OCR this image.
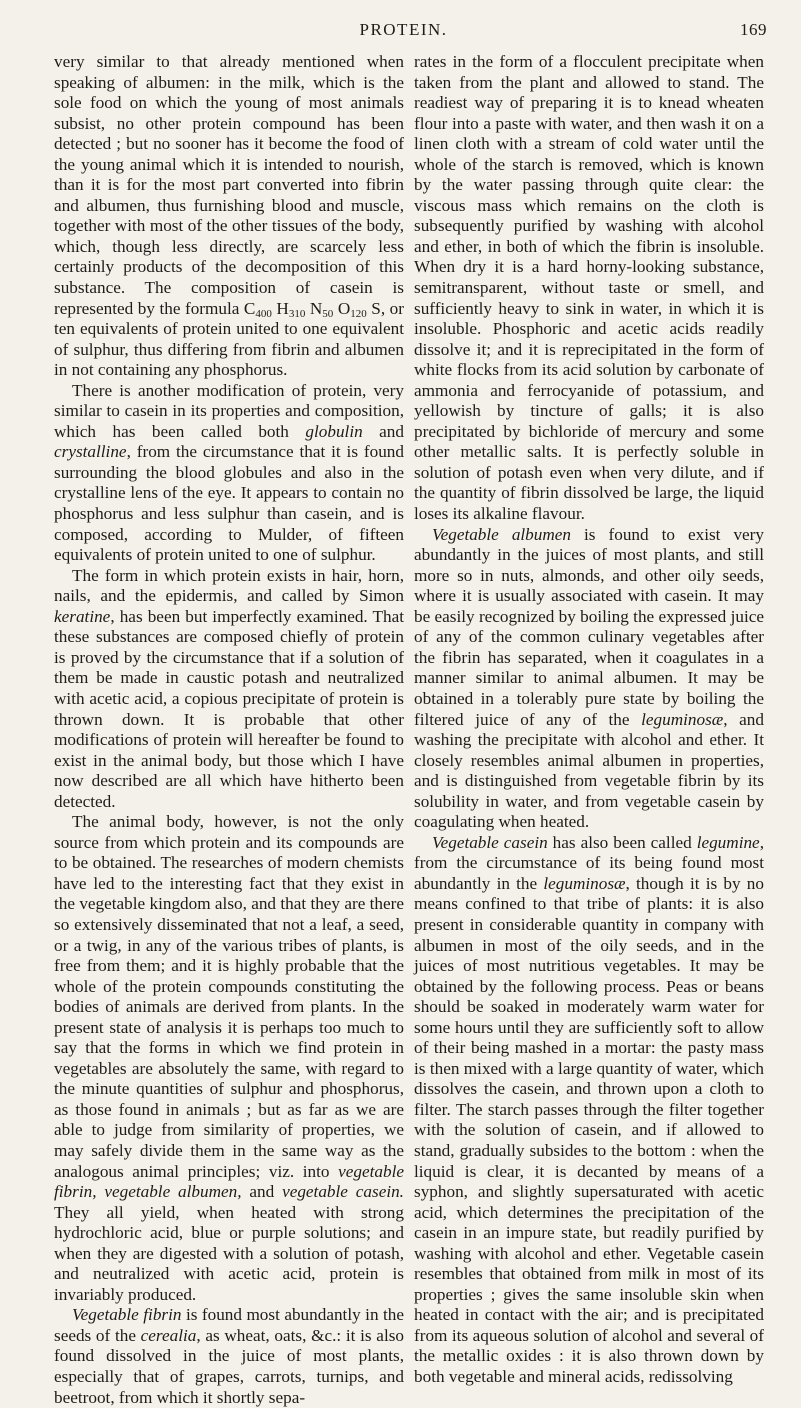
PROTEIN.	169

very similar to that already mentioned when speaking of albumen: in the milk, which is the sole food on which the young of most animals subsist, no other protein compound has been detected ; but no sooner has it become the food of the young animal which it is intended to nourish, than it is for the most part converted into fibrin and albumen, thus furnishing blood and muscle, together with most of the other tissues of the body, which, though less directly, are scarcely less certainly products of the decomposition of this substance. The composition of casein is represented by the formula $C_{400}$ $H_{310}$ $N_{50}$ $O_{120}$ S, or ten equivalents of protein united to one equivalent of sulphur, thus differing from fibrin and albumen in not containing any phosphorus.

There is another modification of protein, very similar to casein in its properties and composition, which has been called both globulin and crystalline, from the circumstance that it is found surrounding the blood globules and also in the crystalline lens of the eye. It appears to contain no phosphorus and less sulphur than casein, and is composed, according to Mulder, of fifteen equivalents of protein united to one of sulphur.

The form in which protein exists in hair, horn, nails, and the epidermis, and called by Simon keratine, has been but imperfectly examined. That these substances are composed chiefly of protein is proved by the circumstance that if a solution of them be made in caustic potash and neutralized with acetic acid, a copious precipitate of protein is thrown down. It is probable that other modifications of protein will hereafter be found to exist in the animal body, but those which I have now described are all which have hitherto been detected.

The animal body, however, is not the only source from which protein and its compounds are to be obtained. The researches of modern chemists have led to the interesting fact that they exist in the vegetable kingdom also, and that they are there so extensively disseminated that not a leaf, a seed, or a twig, in any of the various tribes of plants, is free from them; and it is highly probable that the whole of the protein compounds constituting the bodies of animals are derived from plants. In the present state of analysis it is perhaps too much to say that the forms in which we find protein in vegetables are absolutely the same, with regard to the minute quantities of sulphur and phosphorus, as those found in animals ; but as far as we are able to judge from similarity of properties, we may safely divide them in the same way as the analogous animal principles; viz. into vegetable fibrin, vegetable albumen, and vegetable casein. They all yield, when heated with strong hydrochloric acid, blue or purple solutions; and when they are digested with a solution of potash, and neutralized with acetic acid, protein is invariably produced.

Vegetable fibrin is found most abundantly in the seeds of the cerealia, as wheat, oats, &c.: it is also found dissolved in the juice of most plants, especially that of grapes, carrots, turnips, and beetroot, from which it shortly sepa-

rates in the form of a flocculent precipitate when taken from the plant and allowed to stand. The readiest way of preparing it is to knead wheaten flour into a paste with water, and then wash it on a linen cloth with a stream of cold water until the whole of the starch is removed, which is known by the water passing through quite clear: the viscous mass which remains on the cloth is subsequently purified by washing with alcohol and ether, in both of which the fibrin is insoluble. When dry it is a hard horny-looking substance, semitransparent, without taste or smell, and sufficiently heavy to sink in water, in which it is insoluble. Phosphoric and acetic acids readily dissolve it; and it is reprecipitated in the form of white flocks from its acid solution by carbonate of ammonia and ferrocyanide of potassium, and yellowish by tincture of galls; it is also precipitated by bichloride of mercury and some other metallic salts. It is perfectly soluble in solution of potash even when very dilute, and if the quantity of fibrin dissolved be large, the liquid loses its alkaline flavour.

Vegetable albumen is found to exist very abundantly in the juices of most plants, and still more so in nuts, almonds, and other oily seeds, where it is usually associated with casein. It may be easily recognized by boiling the expressed juice of any of the common culinary vegetables after the fibrin has separated, when it coagulates in a manner similar to animal albumen. It may be obtained in a tolerably pure state by boiling the filtered juice of any of the leguminosæ, and washing the precipitate with alcohol and ether. It closely resembles animal albumen in properties, and is distinguished from vegetable fibrin by its solubility in water, and from vegetable casein by coagulating when heated.

Vegetable casein has also been called legumine, from the circumstance of its being found most abundantly in the leguminosæ, though it is by no means confined to that tribe of plants: it is also present in considerable quantity in company with albumen in most of the oily seeds, and in the juices of most nutritious vegetables. It may be obtained by the following process. Peas or beans should be soaked in moderately warm water for some hours until they are sufficiently soft to allow of their being mashed in a mortar: the pasty mass is then mixed with a large quantity of water, which dissolves the casein, and thrown upon a cloth to filter. The starch passes through the filter together with the solution of casein, and if allowed to stand, gradually subsides to the bottom : when the liquid is clear, it is decanted by means of a syphon, and slightly supersaturated with acetic acid, which determines the precipitation of the casein in an impure state, but readily purified by washing with alcohol and ether. Vegetable casein resembles that obtained from milk in most of its properties ; gives the same insoluble skin when heated in contact with the air; and is precipitated from its aqueous solution of alcohol and several of the metallic oxides : it is also thrown down by both vegetable and mineral acids, redissolving
